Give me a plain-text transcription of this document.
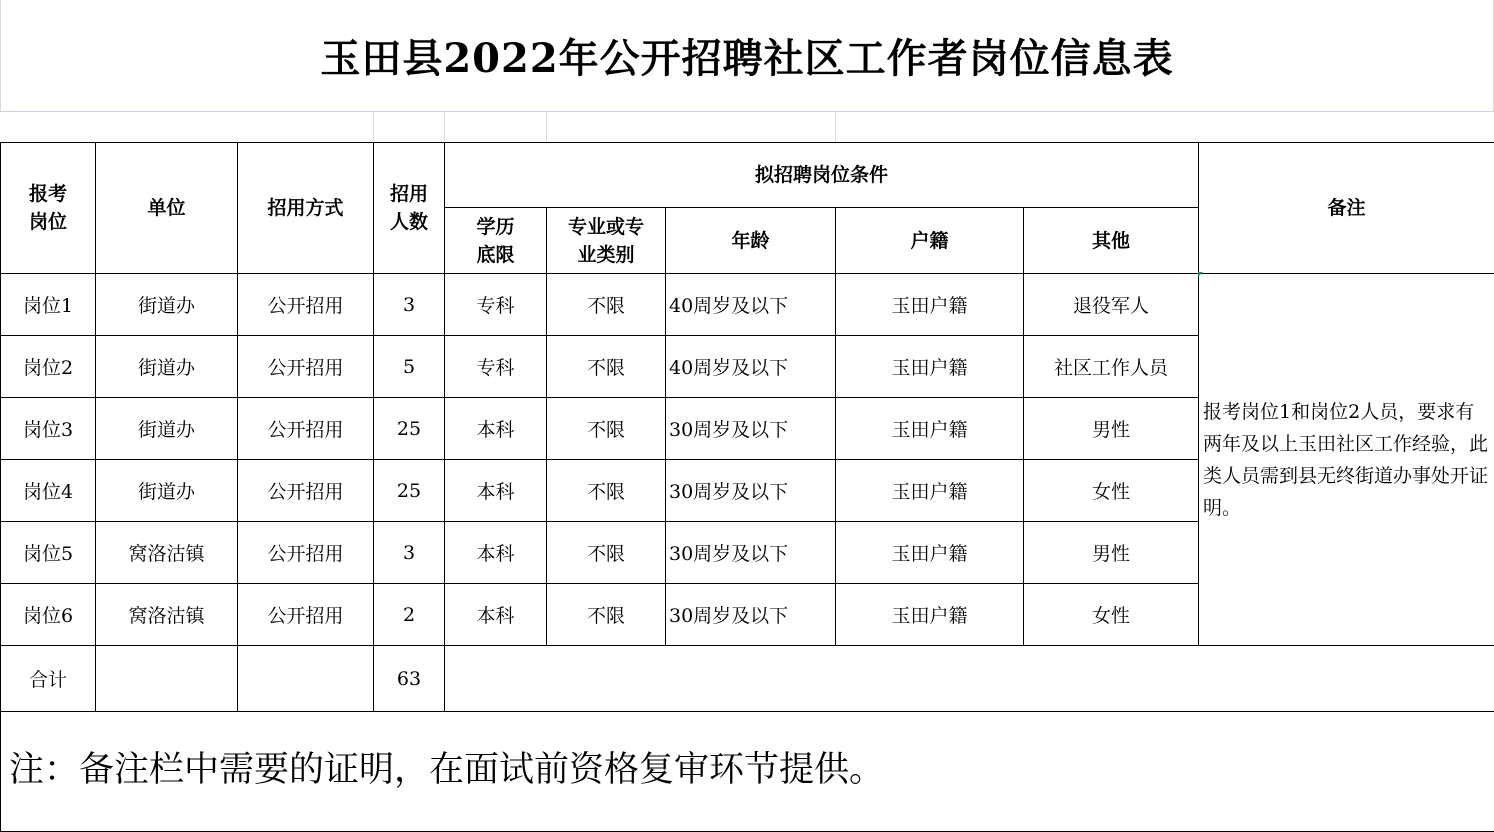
玉田县2022年公开招聘社区工作者岗位信息表
报考岗位	单位	招用方式	招用人数	拟招聘岗位条件					备注

				学历底限	专业或专业类别	年龄	户籍	其他	
岗位1	街道办	公开招用	3	专科	不限	40周岁及以下	玉田户籍	退役军人	报考岗位1和岗位2人员，要求有两年及以上玉田社区工作经验，此类人员需到县无终街道办事处开证明。
岗位2	街道办	公开招用	5	专科	不限	40周岁及以下	玉田户籍	社区工作人员	
岗位3	街道办	公开招用	25	本科	不限	30周岁及以下	玉田户籍	男性	
岗位4	街道办	公开招用	25	本科	不限	30周岁及以下	玉田户籍	女性	
岗位5	窝洛沽镇	公开招用	3	本科	不限	30周岁及以下	玉田户籍	男性	
岗位6	窝洛沽镇	公开招用	2	本科	不限	30周岁及以下	玉田户籍	女性	
合计			63						
注：备注栏中需要的证明，在面试前资格复审环节提供。
